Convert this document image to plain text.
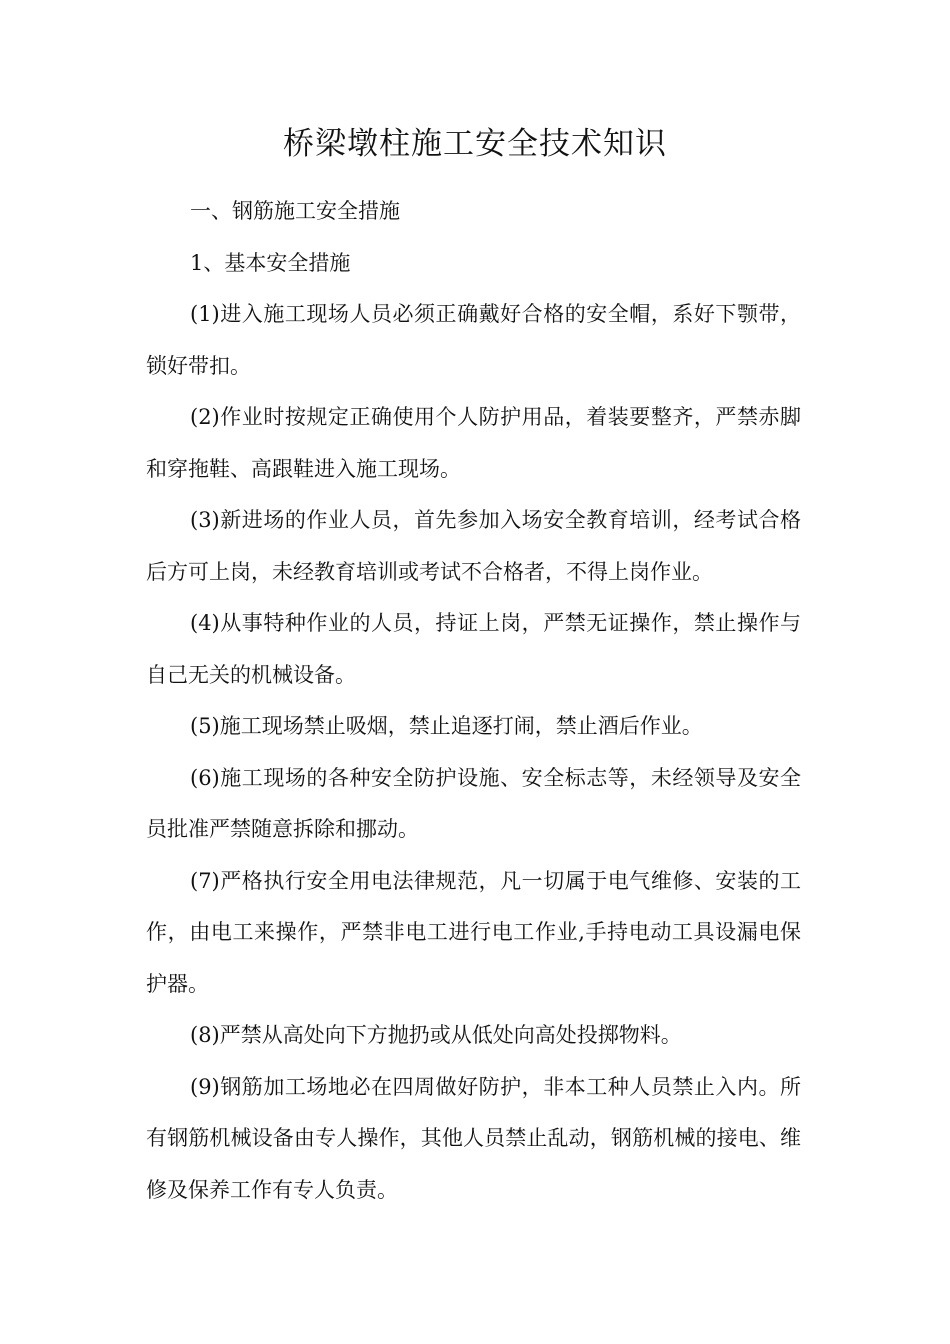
桥梁墩柱施工安全技术知识

一、钢筋施工安全措施

1、基本安全措施

(1)进入施工现场人员必须正确戴好合格的安全帽，系好下颚带，锁好带扣。

(2)作业时按规定正确使用个人防护用品，着装要整齐，严禁赤脚和穿拖鞋、高跟鞋进入施工现场。

(3)新进场的作业人员，首先参加入场安全教育培训，经考试合格后方可上岗，未经教育培训或考试不合格者，不得上岗作业。

(4)从事特种作业的人员，持证上岗，严禁无证操作，禁止操作与自己无关的机械设备。

(5)施工现场禁止吸烟，禁止追逐打闹，禁止酒后作业。

(6)施工现场的各种安全防护设施、安全标志等，未经领导及安全员批准严禁随意拆除和挪动。

(7)严格执行安全用电法律规范，凡一切属于电气维修、安装的工作，由电工来操作，严禁非电工进行电工作业,手持电动工具设漏电保护器。

(8)严禁从高处向下方抛扔或从低处向高处投掷物料。

(9)钢筋加工场地必在四周做好防护，非本工种人员禁止入内。所有钢筋机械设备由专人操作，其他人员禁止乱动，钢筋机械的接电、维修及保养工作有专人负责。
